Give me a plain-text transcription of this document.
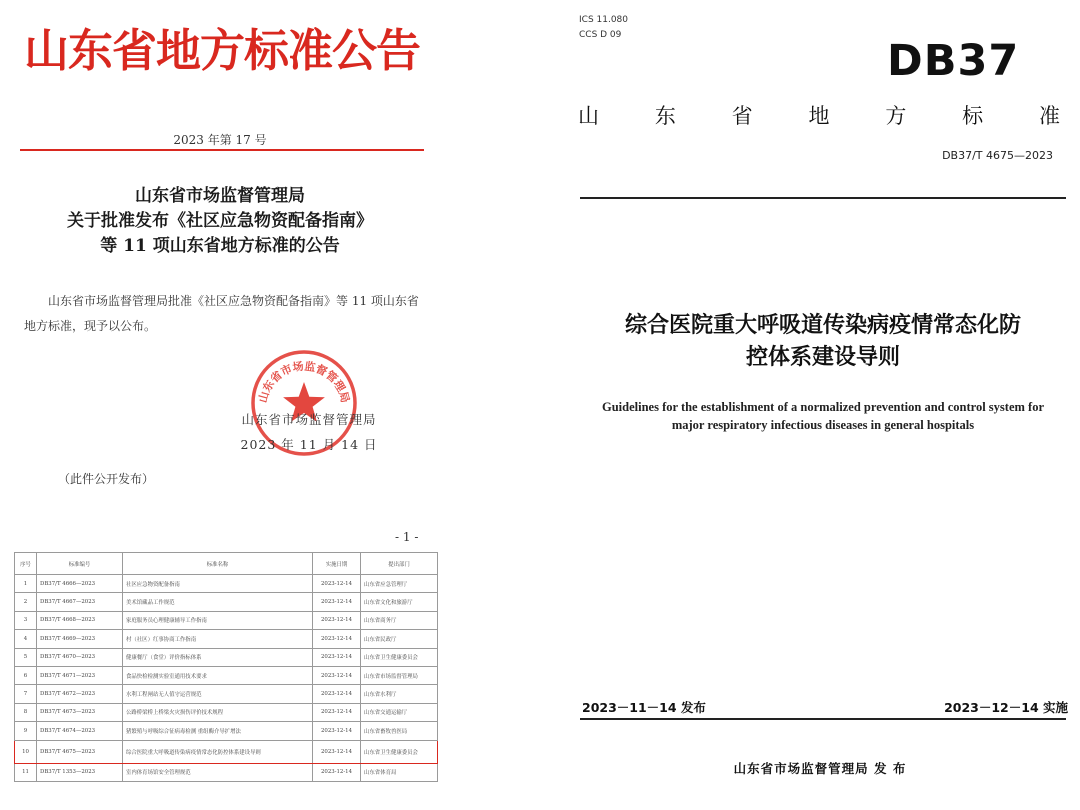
山东省地方标准公告
2023 年第 17 号
山东省市场监督管理局
关于批准发布《社区应急物资配备指南》
等 11 项山东省地方标准的公告
山东省市场监督管理局批准《社区应急物资配备指南》等 11 项山东省地方标准，现予以公布。
山东省市场监督管理局
山东省市场监督管理局
2023 年 11 月 14 日
（此件公开发布）
- 1 -
序号	标准编号	标准名称	实施日期	提出部门
1	DB37/T 4666—2023	社区应急物资配备指南	2023-12-14	山东省应急管理厅
2	DB37/T 4667—2023	美术馆藏品工作规范	2023-12-14	山东省文化和旅游厅
3	DB37/T 4668—2023	家庭服务员心理健康辅导工作指南	2023-12-14	山东省商务厅
4	DB37/T 4669—2023	村（社区）红事协商工作指南	2023-12-14	山东省民政厅
5	DB37/T 4670—2023	健康餐厅（食堂）评价指标体系	2023-12-14	山东省卫生健康委员会
6	DB37/T 4671—2023	食品快检检测实验室通用技术要求	2023-12-14	山东省市场监督管理局
7	DB37/T 4672—2023	水利工程闸站无人值守运营规范	2023-12-14	山东省水利厅
8	DB37/T 4673—2023	公路桥梁桥上桥梁火灾损伤评价技术规程	2023-12-14	山东省交通运输厅
9	DB37/T 4674—2023	猪繁殖与呼吸综合征病毒检测 重组酶介导扩增法	2023-12-14	山东省畜牧兽医局
10	DB37/T 4675—2023	综合医院重大呼吸道传染病疫情常态化防控体系建设导则	2023-12-14	山东省卫生健康委员会
11	DB37/T 1353—2023	室内体育场馆安全管理规范	2023-12-14	山东省体育局
ICS 11.080
CCS D 09
DB37
山	东	省	地	方	标	准
DB37/T 4675—2023
综合医院重大呼吸道传染病疫情常态化防
控体系建设导则
Guidelines for the establishment of a normalized prevention and control system for
major respiratory infectious diseases in general hospitals
2023－11－14 发布	2023－12－14 实施
山东省市场监督管理局 发 布
